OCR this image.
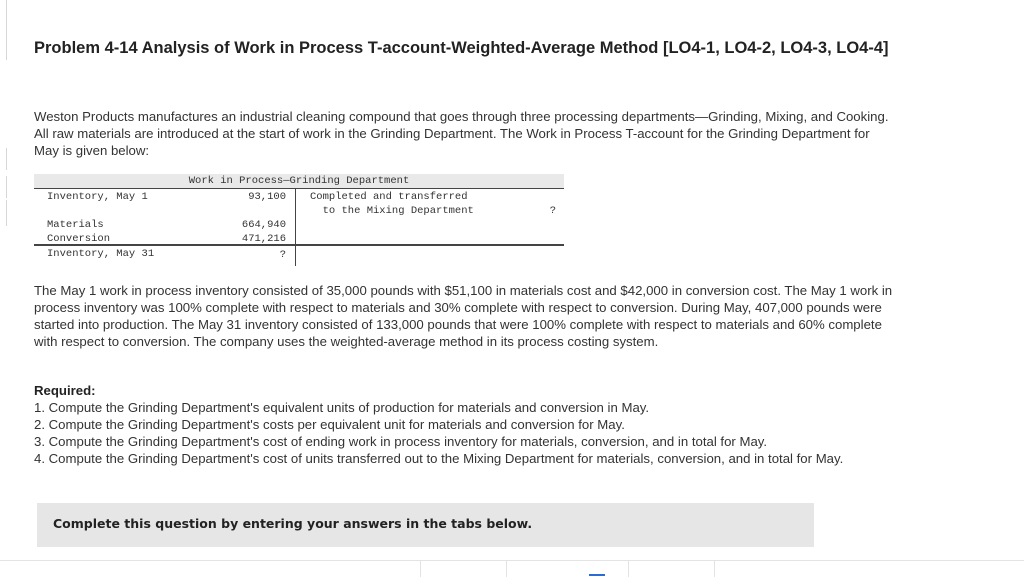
Problem 4-14 Analysis of Work in Process T-account-Weighted-Average Method [LO4-1, LO4-2, LO4-3, LO4-4]
Weston Products manufactures an industrial cleaning compound that goes through three processing departments—Grinding, Mixing, and Cooking. All raw materials are introduced at the start of work in the Grinding Department. The Work in Process T-account for the Grinding Department for May is given below:
Work in Process—Grinding Department
Inventory, May 1	93,100
Materials	664,940
Conversion	471,216
Inventory, May 31	?
Completed and transferred
to the Mixing Department	?
The May 1 work in process inventory consisted of 35,000 pounds with $51,100 in materials cost and $42,000 in conversion cost. The May 1 work in process inventory was 100% complete with respect to materials and 30% complete with respect to conversion. During May, 407,000 pounds were started into production. The May 31 inventory consisted of 133,000 pounds that were 100% complete with respect to materials and 60% complete with respect to conversion. The company uses the weighted-average method in its process costing system.
Required:
1. Compute the Grinding Department's equivalent units of production for materials and conversion in May.
2. Compute the Grinding Department's costs per equivalent unit for materials and conversion for May.
3. Compute the Grinding Department's cost of ending work in process inventory for materials, conversion, and in total for May.
4. Compute the Grinding Department's cost of units transferred out to the Mixing Department for materials, conversion, and in total for May.
Complete this question by entering your answers in the tabs below.
